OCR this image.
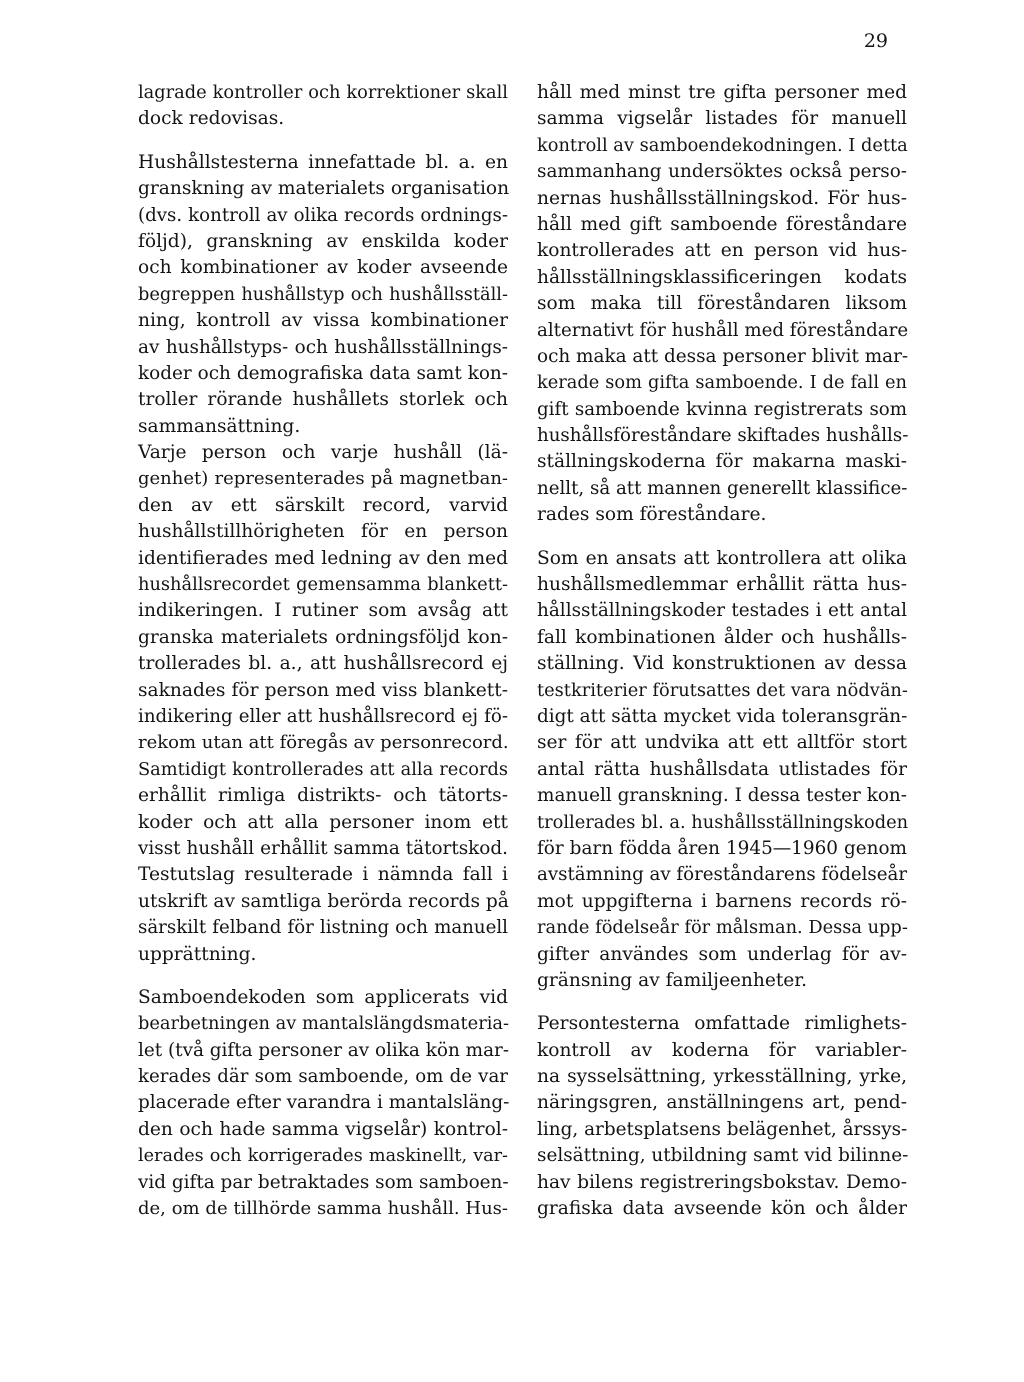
29
lagrade kontroller och korrektioner skall
dock redovisas.
Hushållstesterna innefattade bl. a. en
granskning av materialets organisation
(dvs. kontroll av olika records ordnings-
följd), granskning av enskilda koder
och kombinationer av koder avseende
begreppen hushållstyp och hushållsställ-
ning, kontroll av vissa kombinationer
av hushållstyps- och hushållsställnings-
koder och demografiska data samt kon-
troller rörande hushållets storlek och
sammansättning.
Varje person och varje hushåll (lä-
genhet) representerades på magnetban-
den av ett särskilt record, varvid
hushållstillhörigheten för en person
identifierades med ledning av den med
hushållsrecordet gemensamma blankett-
indikeringen. I rutiner som avsåg att
granska materialets ordningsföljd kon-
trollerades bl. a., att hushållsrecord ej
saknades för person med viss blankett-
indikering eller att hushållsrecord ej fö-
rekom utan att föregås av personrecord.
Samtidigt kontrollerades att alla records
erhållit rimliga distrikts- och tätorts-
koder och att alla personer inom ett
visst hushåll erhållit samma tätortskod.
Testutslag resulterade i nämnda fall i
utskrift av samtliga berörda records på
särskilt felband för listning och manuell
upprättning.
Samboendekoden som applicerats vid
bearbetningen av mantalslängdsmateria-
let (två gifta personer av olika kön mar-
kerades där som samboende, om de var
placerade efter varandra i mantalsläng-
den och hade samma vigselår) kontrol-
lerades och korrigerades maskinellt, var-
vid gifta par betraktades som samboen-
de, om de tillhörde samma hushåll. Hus-
håll med minst tre gifta personer med
samma vigselår listades för manuell
kontroll av samboendekodningen. I detta
sammanhang undersöktes också perso-
nernas hushållsställningskod. För hus-
håll med gift samboende föreståndare
kontrollerades att en person vid hus-
hållsställningsklassificeringen kodats
som maka till föreståndaren liksom
alternativt för hushåll med föreståndare
och maka att dessa personer blivit mar-
kerade som gifta samboende. I de fall en
gift samboende kvinna registrerats som
hushållsföreståndare skiftades hushålls-
ställningskoderna för makarna maski-
nellt, så att mannen generellt klassifice-
rades som föreståndare.
Som en ansats att kontrollera att olika
hushållsmedlemmar erhållit rätta hus-
hållsställningskoder testades i ett antal
fall kombinationen ålder och hushålls-
ställning. Vid konstruktionen av dessa
testkriterier förutsattes det vara nödvän-
digt att sätta mycket vida toleransgrän-
ser för att undvika att ett alltför stort
antal rätta hushållsdata utlistades för
manuell granskning. I dessa tester kon-
trollerades bl. a. hushållsställningskoden
för barn födda åren 1945—1960 genom
avstämning av föreståndarens födelseår
mot uppgifterna i barnens records rö-
rande födelseår för målsman. Dessa upp-
gifter användes som underlag för av-
gränsning av familjeenheter.
Persontesterna omfattade rimlighets-
kontroll av koderna för variabler-
na sysselsättning, yrkesställning, yrke,
näringsgren, anställningens art, pend-
ling, arbetsplatsens belägenhet, årssys-
selsättning, utbildning samt vid bilinne-
hav bilens registreringsbokstav. Demo-
grafiska data avseende kön och ålder
